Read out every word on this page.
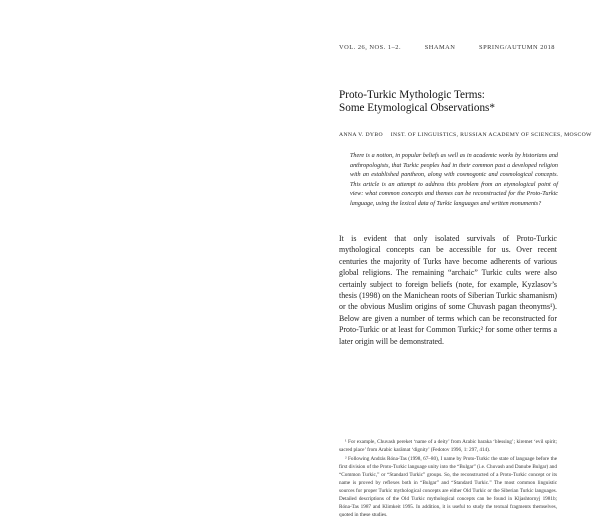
VOL. 26, NOS. 1–2.	SHAMAN	SPRING/AUTUMN 2018
Proto-Turkic Mythologic Terms:
Some Etymological Observations*
ANNA V. DYBO INST. OF LINGUISTICS, RUSSIAN ACADEMY OF SCIENCES, MOSCOW
There is a notion, in popular beliefs as well as in academic works by historians and anthropologists, that Turkic peoples had in their common past a developed religion with an established pantheon, along with cosmogonic and cosmological concepts. This article is an attempt to address this problem from an etymological point of view: what common concepts and themes can be reconstructed for the Proto-Turkic language, using the lexical data of Turkic languages and written monuments?
It is evident that only isolated survivals of Proto-Turkic mythological concepts can be accessible for us. Over recent centuries the majority of Turks have become adherents of various global religions. The remaining “archaic” Turkic cults were also certainly subject to foreign beliefs (note, for example, Kyzlasov’s thesis (1998) on the Manichean roots of Siberian Turkic shamanism) or the obvious Muslim origins of some Chuvash pagan theonyms¹). Below are given a number of terms which can be reconstructed for Proto-Turkic or at least for Common Turkic;² for some other terms a later origin will be demonstrated.

¹ For example, Chuvash pereket ‘name of a deity’ from Arabic baraka ‘blessing’; kiremet ‘evil spirit; sacred place’ from Arabic karāmat ‘dignity’ (Fedotov 1996, 1: 297, 414).

² Following András Róna-Tas (1998, 67–80), I name by Proto-Turkic the state of language before the first division of the Proto-Turkic language unity into the “Bulgar” (i.e. Chuvash and Danube Bulgar) and “Common Turkic,” or “Standard Turkic” groups. So, the reconstructed of a Proto-Turkic concept or its name is proved by reflexes both in “Bulgar” and “Standard Turkic.” The most common linguistic sources for proper Turkic mythological concepts are either Old Turkic or the Siberian Turkic languages. Detailed descriptions of the Old Turkic mythological concepts can be found in Kljashtornyj 1981b; Róna-Tas 1987 and Klimkeit 1995. In addition, it is useful to study the textual fragments themselves, quoted in these studies.
